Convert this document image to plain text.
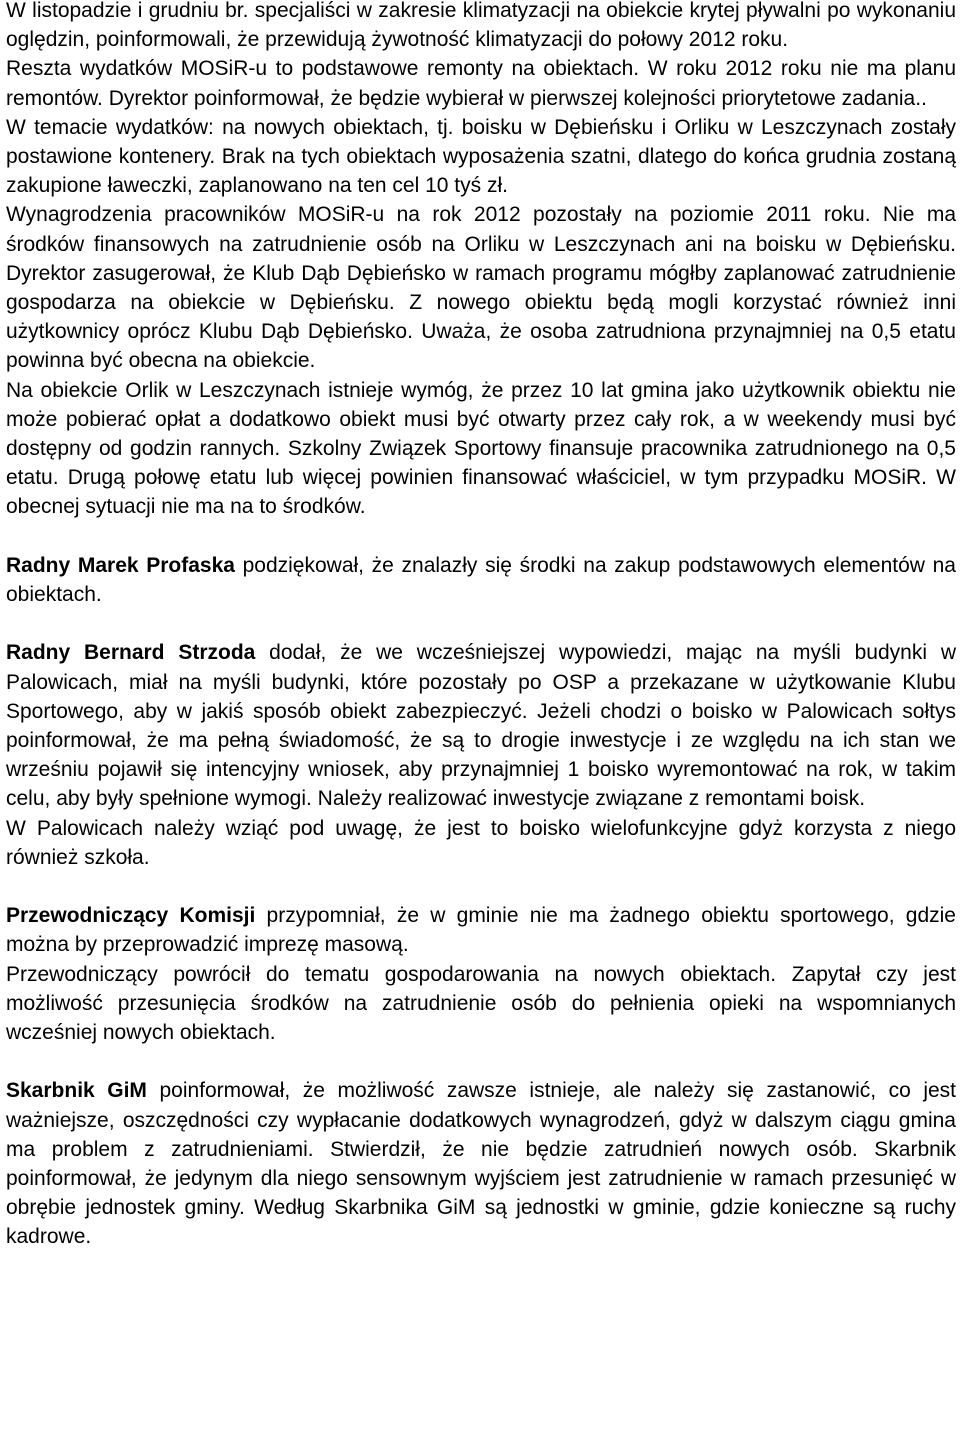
W listopadzie i grudniu br. specjaliści w zakresie klimatyzacji na obiekcie krytej pływalni po wykonaniu oględzin, poinformowali, że przewidują żywotność klimatyzacji do połowy 2012 roku.

Reszta wydatków MOSiR-u to podstawowe remonty na obiektach. W roku 2012 roku nie ma planu remontów. Dyrektor poinformował, że będzie wybierał w pierwszej kolejności priorytetowe zadania..

W temacie wydatków: na nowych obiektach, tj. boisku w Dębieńsku i Orliku w Leszczynach zostały postawione kontenery. Brak na tych obiektach wyposażenia szatni, dlatego do końca grudnia zostaną zakupione ławeczki, zaplanowano na ten cel 10 tyś zł.

Wynagrodzenia pracowników MOSiR-u na rok 2012 pozostały na poziomie 2011 roku. Nie ma środków finansowych na zatrudnienie osób na Orliku w Leszczynach ani na boisku w Dębieńsku. Dyrektor zasugerował, że Klub Dąb Dębieńsko w ramach programu mógłby zaplanować zatrudnienie gospodarza na obiekcie w Dębieńsku. Z nowego obiektu będą mogli korzystać również inni użytkownicy oprócz Klubu Dąb Dębieńsko. Uważa, że osoba zatrudniona przynajmniej na 0,5 etatu powinna być obecna na obiekcie.

Na obiekcie Orlik w Leszczynach istnieje wymóg, że przez 10 lat gmina jako użytkownik obiektu nie może pobierać opłat a dodatkowo obiekt musi być otwarty przez cały rok, a w weekendy musi być dostępny od godzin rannych. Szkolny Związek Sportowy finansuje pracownika zatrudnionego na 0,5 etatu. Drugą połowę etatu lub więcej powinien finansować właściciel, w tym przypadku MOSiR. W obecnej sytuacji nie ma na to środków.

Radny Marek Profaska podziękował, że znalazły się środki na zakup podstawowych elementów na obiektach.

Radny Bernard Strzoda dodał, że we wcześniejszej wypowiedzi, mając na myśli budynki w Palowicach, miał na myśli budynki, które pozostały po OSP a przekazane w użytkowanie Klubu Sportowego, aby w jakiś sposób obiekt zabezpieczyć. Jeżeli chodzi o boisko w Palowicach sołtys poinformował, że ma pełną świadomość, że są to drogie inwestycje i ze względu na ich stan we wrześniu pojawił się intencyjny wniosek, aby przynajmniej 1 boisko wyremontować na rok, w takim celu, aby były spełnione wymogi. Należy realizować inwestycje związane z remontami boisk.

W Palowicach należy wziąć pod uwagę, że jest to boisko wielofunkcyjne gdyż korzysta z niego również szkoła.

Przewodniczący Komisji przypomniał, że w gminie nie ma żadnego obiektu sportowego, gdzie można by przeprowadzić imprezę masową.

Przewodniczący powrócił do tematu gospodarowania na nowych obiektach. Zapytał czy jest możliwość przesunięcia środków na zatrudnienie osób do pełnienia opieki na wspomnianych wcześniej nowych obiektach.

Skarbnik GiM poinformował, że możliwość zawsze istnieje, ale należy się zastanowić, co jest ważniejsze, oszczędności czy wypłacanie dodatkowych wynagrodzeń, gdyż w dalszym ciągu gmina ma problem z zatrudnieniami. Stwierdził, że nie będzie zatrudnień nowych osób. Skarbnik poinformował, że jedynym dla niego sensownym wyjściem jest zatrudnienie w ramach przesunięć w obrębie jednostek gminy. Według Skarbnika GiM są jednostki w gminie, gdzie konieczne są ruchy kadrowe.
